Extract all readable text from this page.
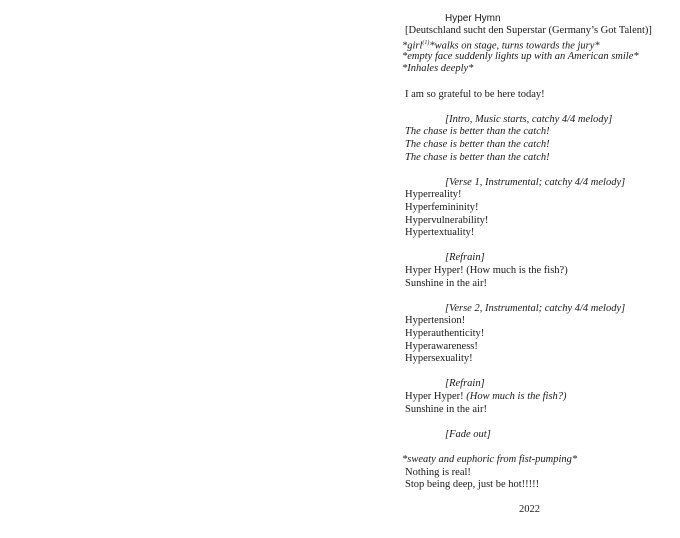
Hyper Hymn
[Deutschland sucht den Superstar (Germany’s Got Talent)]
*girl$^{(1)}$*walks on stage, turns towards the jury*
*empty face suddenly lights up with an American smile*
*Inhales deeply*
I am so grateful to be here today!
[Intro, Music starts, catchy 4/4 melody]
The chase is better than the catch!
The chase is better than the catch!
The chase is better than the catch!
[Verse 1, Instrumental; catchy 4/4 melody]
Hyperreality!
Hyperfemininity!
Hypervulnerability!
Hypertextuality!
[Refrain]
Hyper Hyper! (How much is the fish?)
Sunshine in the air!
[Verse 2, Instrumental; catchy 4/4 melody]
Hypertension!
Hyperauthenticity!
Hyperawareness!
Hypersexuality!
[Refrain]
Hyper Hyper! (How much is the fish?)
Sunshine in the air!
[Fade out]
*sweaty and euphoric from fist-pumping*
Nothing is real!
Stop being deep, just be hot!!!!!
2022
